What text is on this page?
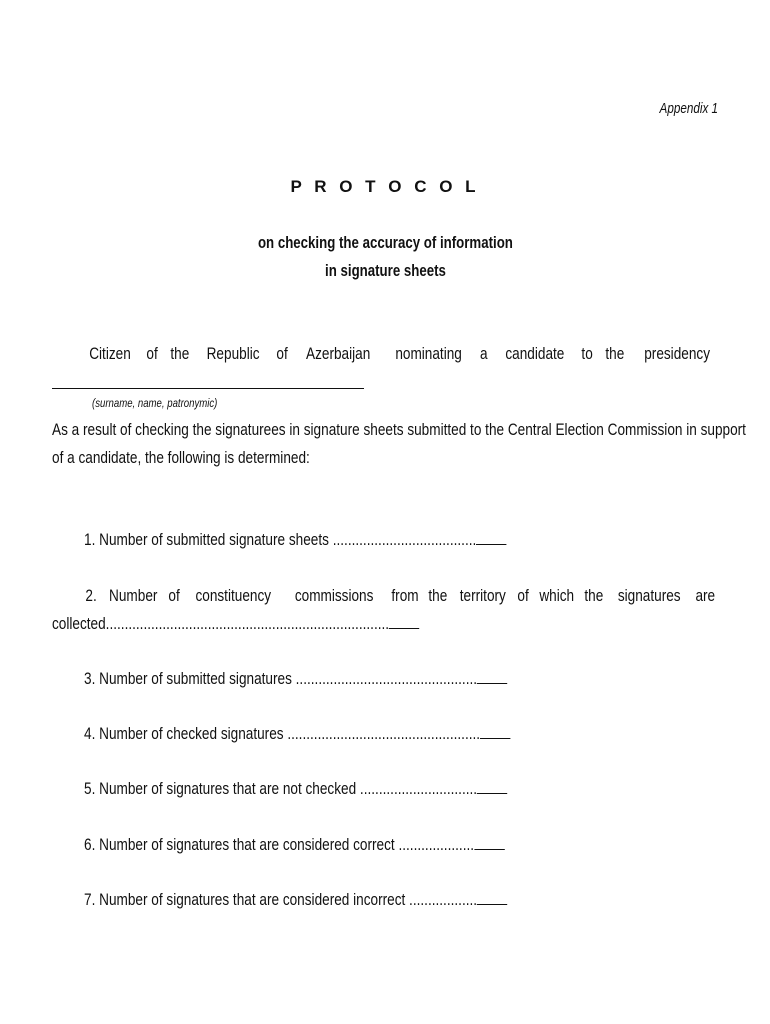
Appendix 1
P R O T O C O L
on checking the accuracy of information
in signature sheets
Citizen of the Republic of Azerbaijan nominating a candidate to the presidency
(surname, name, patronymic)
As a result of checking the signaturees in signature sheets submitted to the Central Election Commission in support
of a candidate, the following is determined:
1. Number of submitted signature sheets ......................................
2. Number of constituency commissions from the territory of which the signatures are
collected...........................................................................
3. Number of submitted signatures ................................................
4. Number of checked signatures ...................................................
5. Number of signatures that are not checked ...............................
6. Number of signatures that are considered correct ....................
7. Number of signatures that are considered incorrect ..................
